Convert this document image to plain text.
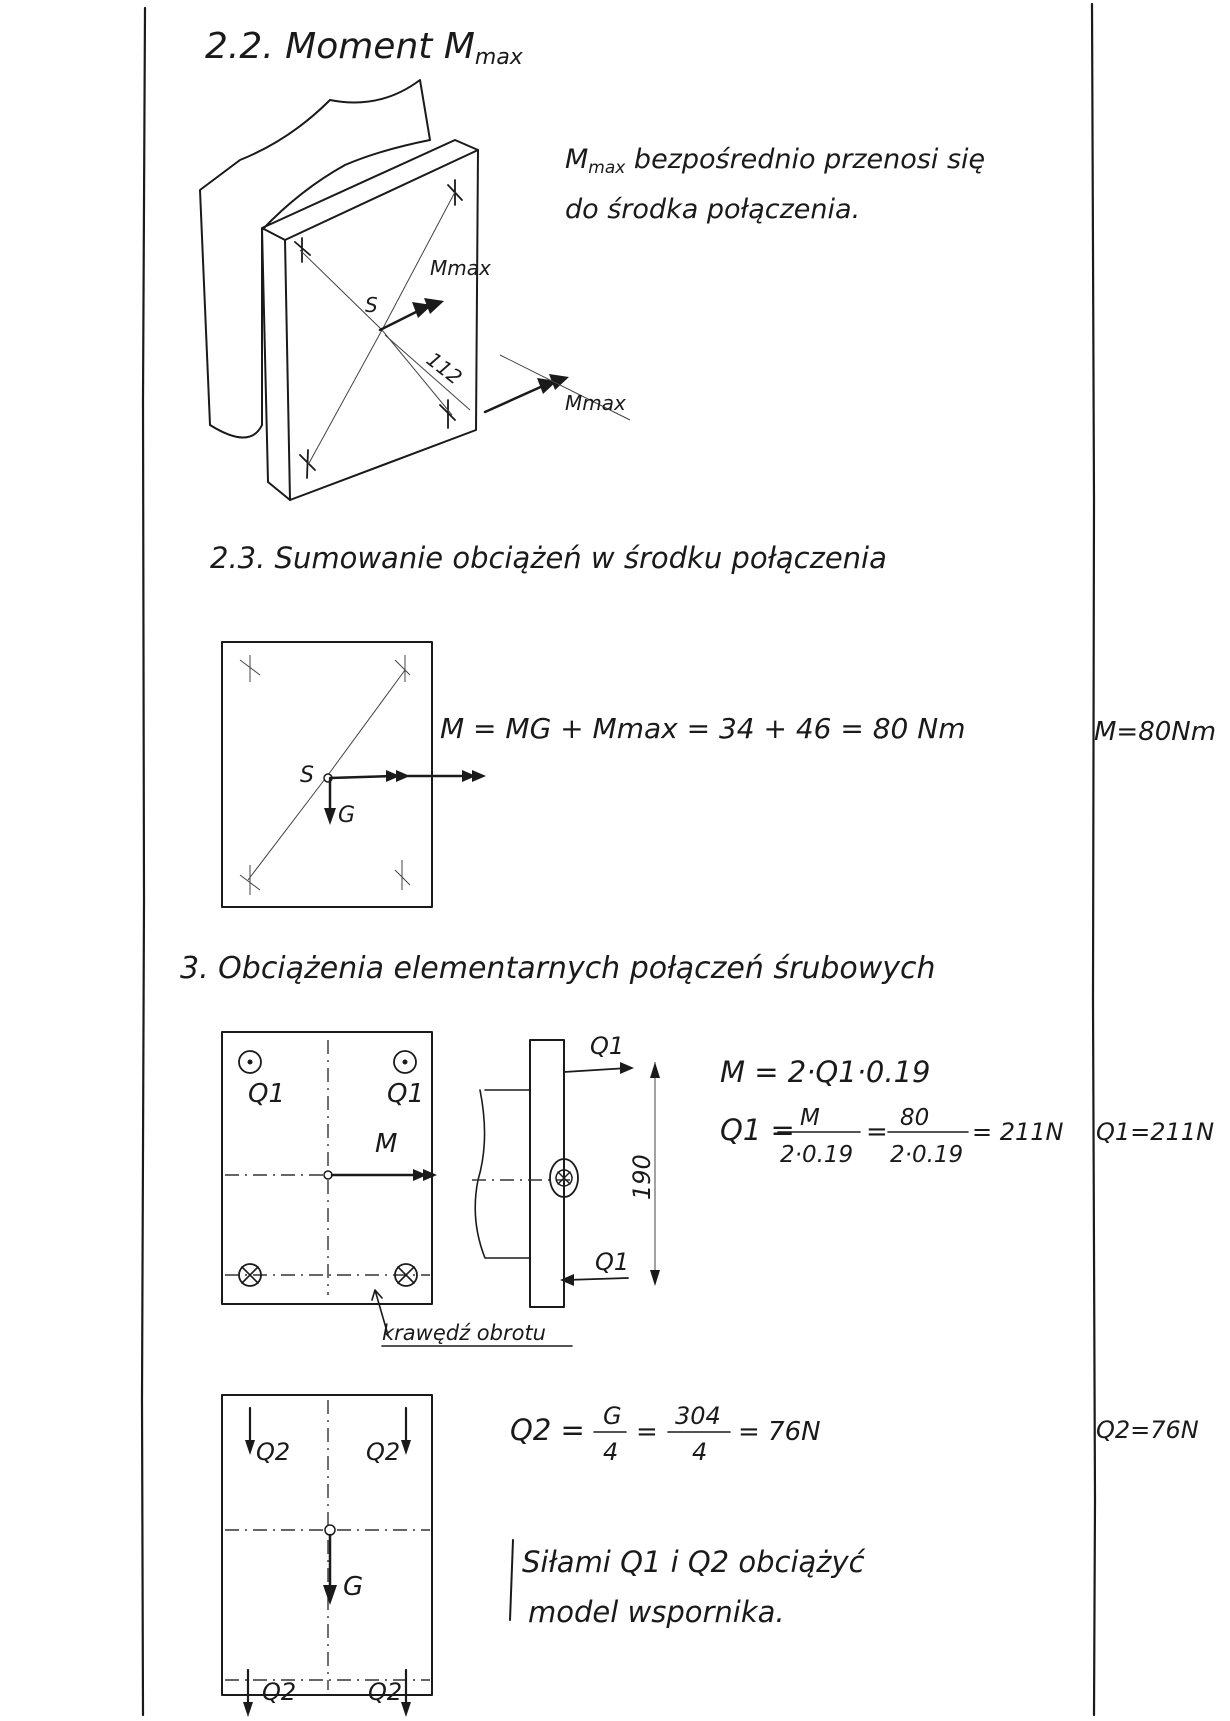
2.2. Moment Mmax
S
Mmax
Mmax
112
Mmax bezpośrednio przenosi się
do środka połączenia.
2.3. Sumowanie obciążeń w środku połączenia
S
G
M = MG + Mmax = 34 + 46 = 80 Nm	M=80Nm
3. Obciążenia elementarnych połączeń śrubowych
Q1	Q1
M
krawędź obrotu
Q1
Q1
190
M = 2·Q1·0.19
Q1 = M
2·0.19
= 80
2·0.19
= 211N Q1=211N
Q2	Q2
Q2	Q2
G
Q2 = G
4
=
304
4
= 76N	Q2=76N
Siłami Q1 i Q2 obciążyć
model wspornika.
